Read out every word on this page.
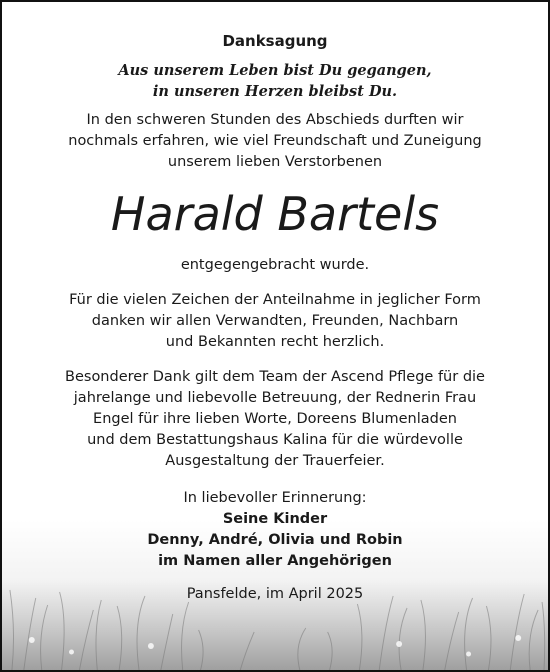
Danksagung

Aus unserem Leben bist Du gegangen,
in unseren Herzen bleibst Du.

In den schweren Stunden des Abschieds durften wir
nochmals erfahren, wie viel Freundschaft und Zuneigung
unserem lieben Verstorbenen

Harald Bartels

entgegengebracht wurde.

Für die vielen Zeichen der Anteilnahme in jeglicher Form
danken wir allen Verwandten, Freunden, Nachbarn
und Bekannten recht herzlich.

Besonderer Dank gilt dem Team der Ascend Pflege für die
jahrelange und liebevolle Betreuung, der Rednerin Frau
Engel für ihre lieben Worte, Doreens Blumenladen
und dem Bestattungshaus Kalina für die würdevolle
Ausgestaltung der Trauerfeier.

In liebevoller Erinnerung:
Seine Kinder
Denny, André, Olivia und Robin
im Namen aller Angehörigen

Pansfelde, im April 2025
